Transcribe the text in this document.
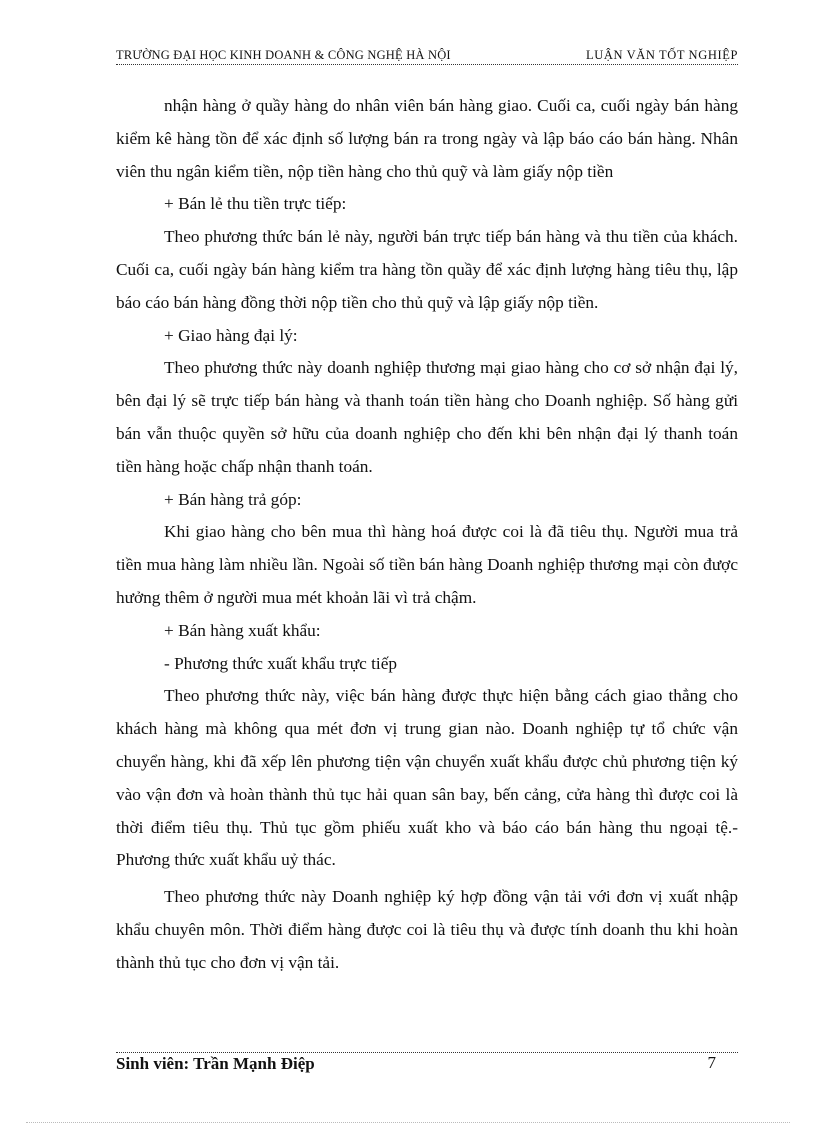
TRƯỜNG ĐẠI HỌC KINH DOANH & CÔNG NGHỆ HÀ NỘI	LUẬN VĂN TỐT NGHIỆP

nhận hàng ở quầy hàng do nhân viên bán hàng giao. Cuối ca, cuối ngày bán hàng kiểm kê hàng tồn để xác định số lượng bán ra trong ngày và lập báo cáo bán hàng. Nhân viên thu ngân kiểm tiền, nộp tiền hàng cho thủ quỹ và làm giấy nộp tiền

+ Bán lẻ thu tiền trực tiếp:

Theo phương thức bán lẻ này, người bán trực tiếp bán hàng và thu tiền của khách. Cuối ca, cuối ngày bán hàng kiểm tra hàng tồn quầy để xác định lượng hàng tiêu thụ, lập báo cáo bán hàng đồng thời nộp tiền cho thủ quỹ và lập giấy nộp tiền.

+ Giao hàng đại lý:

Theo phương thức này doanh nghiệp thương mại giao hàng cho cơ sở nhận đại lý, bên đại lý sẽ trực tiếp bán hàng và thanh toán tiền hàng cho Doanh nghiệp. Số hàng gửi bán vẫn thuộc quyền sở hữu của doanh nghiệp cho đến khi bên nhận đại lý thanh toán tiền hàng hoặc chấp nhận thanh toán.

+ Bán hàng trả góp:

Khi giao hàng cho bên mua thì hàng hoá được coi là đã tiêu thụ. Người mua trả tiền mua hàng làm nhiều lần. Ngoài số tiền bán hàng Doanh nghiệp thương mại còn được hưởng thêm ở người mua mét khoản lãi vì trả chậm.

+ Bán hàng xuất khẩu:

- Phương thức xuất khẩu trực tiếp

Theo phương thức này, việc bán hàng được thực hiện bằng cách giao thẳng cho khách hàng mà không qua mét đơn vị trung gian nào. Doanh nghiệp tự tổ chức vận chuyển hàng, khi đã xếp lên phương tiện vận chuyển xuất khẩu được chủ phương tiện ký vào vận đơn và hoàn thành thủ tục hải quan sân bay, bến cảng, cửa hàng thì được coi là thời điểm tiêu thụ. Thủ tục gồm phiếu xuất kho và báo cáo bán hàng thu ngoại tệ.- Phương thức xuất khẩu uỷ thác.

Theo phương thức này Doanh nghiệp ký hợp đồng vận tải với đơn vị xuất nhập khẩu chuyên môn. Thời điểm hàng được coi là tiêu thụ và được tính doanh thu khi hoàn thành thủ tục cho đơn vị vận tải.

Sinh viên: Trần Mạnh Điệp	7
